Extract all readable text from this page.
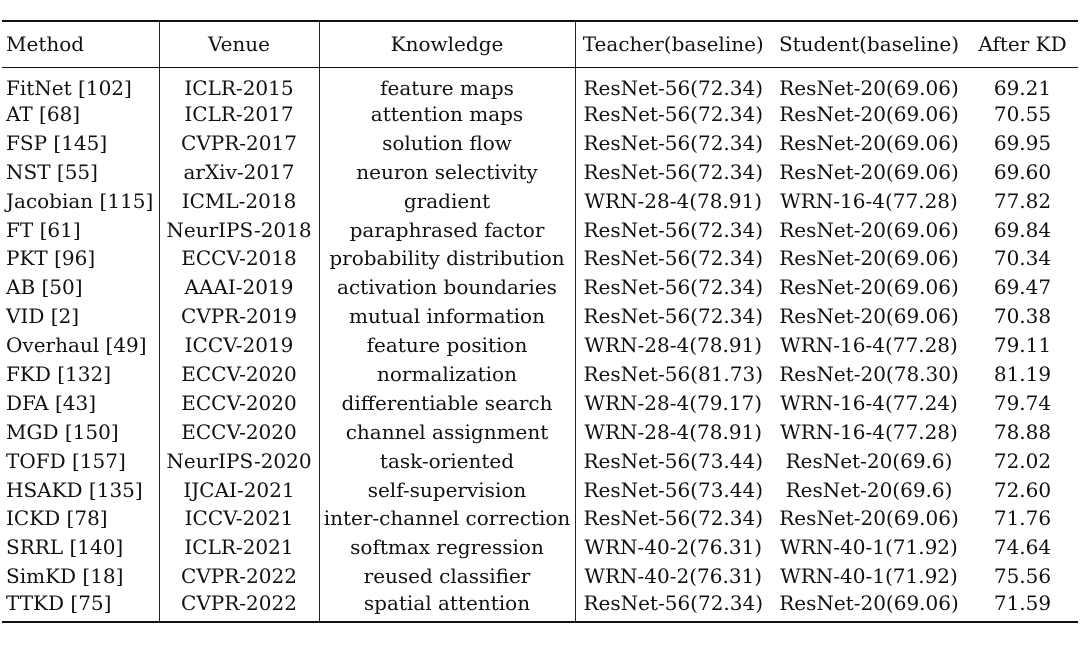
Method	Venue	Knowledge	Teacher(baseline)	Student(baseline)	After KD
FitNet [102]	ICLR-2015	feature maps	ResNet-56(72.34)	ResNet-20(69.06)	69.21
AT [68]	ICLR-2017	attention maps	ResNet-56(72.34)	ResNet-20(69.06)	70.55
FSP [145]	CVPR-2017	solution flow	ResNet-56(72.34)	ResNet-20(69.06)	69.95
NST [55]	arXiv-2017	neuron selectivity	ResNet-56(72.34)	ResNet-20(69.06)	69.60
Jacobian [115]	ICML-2018	gradient	WRN-28-4(78.91)	WRN-16-4(77.28)	77.82
FT [61]	NeurIPS-2018	paraphrased factor	ResNet-56(72.34)	ResNet-20(69.06)	69.84
PKT [96]	ECCV-2018	probability distribution	ResNet-56(72.34)	ResNet-20(69.06)	70.34
AB [50]	AAAI-2019	activation boundaries	ResNet-56(72.34)	ResNet-20(69.06)	69.47
VID [2]	CVPR-2019	mutual information	ResNet-56(72.34)	ResNet-20(69.06)	70.38
Overhaul [49]	ICCV-2019	feature position	WRN-28-4(78.91)	WRN-16-4(77.28)	79.11
FKD [132]	ECCV-2020	normalization	ResNet-56(81.73)	ResNet-20(78.30)	81.19
DFA [43]	ECCV-2020	differentiable search	WRN-28-4(79.17)	WRN-16-4(77.24)	79.74
MGD [150]	ECCV-2020	channel assignment	WRN-28-4(78.91)	WRN-16-4(77.28)	78.88
TOFD [157]	NeurIPS-2020	task-oriented	ResNet-56(73.44)	ResNet-20(69.6)	72.02
HSAKD [135]	IJCAI-2021	self-supervision	ResNet-56(73.44)	ResNet-20(69.6)	72.60
ICKD [78]	ICCV-2021	inter-channel correction	ResNet-56(72.34)	ResNet-20(69.06)	71.76
SRRL [140]	ICLR-2021	softmax regression	WRN-40-2(76.31)	WRN-40-1(71.92)	74.64
SimKD [18]	CVPR-2022	reused classifier	WRN-40-2(76.31)	WRN-40-1(71.92)	75.56
TTKD [75]	CVPR-2022	spatial attention	ResNet-56(72.34)	ResNet-20(69.06)	71.59
